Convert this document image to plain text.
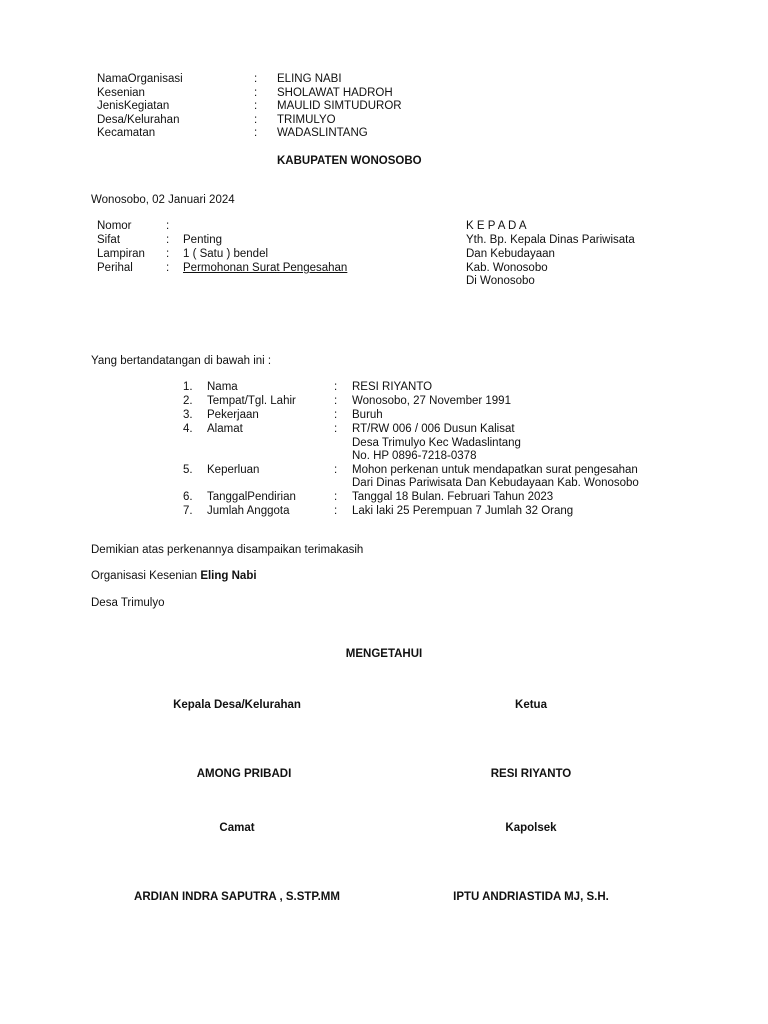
NamaOrganisasi	: ELING NABI
Kesenian	: SHOLAWAT HADROH
JenisKegiatan	: MAULID SIMTUDUROR
Desa/Kelurahan	: TRIMULYO
Kecamatan	: WADASLINTANG
KABUPATEN WONOSOBO
Wonosobo, 02 Januari 2024
Nomor	:
Sifat	: Penting
Lampiran : 1 ( Satu ) bendel
Perihal	: Permohonan Surat Pengesahan
K E P A D A
Yth. Bp. Kepala Dinas Pariwisata
Dan Kebudayaan
Kab. Wonosobo
Di Wonosobo
Yang bertandatangan di bawah ini :
1. Nama	: RESI RIYANTO
2. Tempat/Tgl. Lahir	: Wonosobo, 27 November 1991
3. Pekerjaan	: Buruh
4. Alamat	: RT/RW 006 / 006 Dusun Kalisat
Desa Trimulyo Kec Wadaslintang
No. HP 0896-7218-0378
5. Keperluan	: Mohon perkenan untuk mendapatkan surat pengesahan
Dari Dinas Pariwisata Dan Kebudayaan Kab. Wonosobo
6. TanggalPendirian	: Tanggal 18 Bulan. Februari Tahun 2023
7. Jumlah Anggota	: Laki laki 25 Perempuan 7 Jumlah 32 Orang
Demikian atas perkenannya disampaikan terimakasih
Organisasi Kesenian Eling Nabi
Desa Trimulyo
MENGETAHUI
Kepala Desa/Kelurahan	Ketua
AMONG PRIBADI	RESI RIYANTO
Camat	Kapolsek
ARDIAN INDRA SAPUTRA , S.STP.MM	IPTU ANDRIASTIDA MJ, S.H.
